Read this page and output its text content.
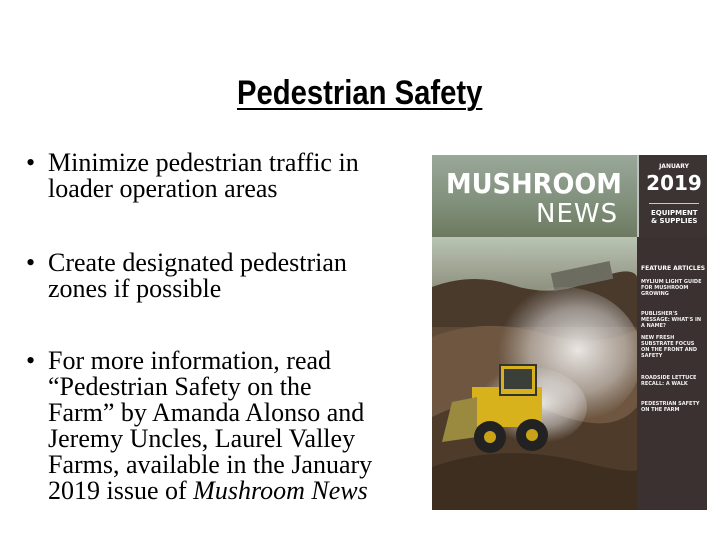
Pedestrian Safety
• Minimize pedestrian traffic in
loader operation areas
• Create designated pedestrian
zones if possible
• For more information, read
“Pedestrian Safety on the
Farm” by Amanda Alonso and
Jeremy Uncles, Laurel Valley
Farms, available in the January
2019 issue of Mushroom News
MUSHROOM
NEWS
JANUARY
2019
EQUIPMENT
& SUPPLIES
FEATURE ARTICLES
MYLIUM LIGHT GUIDE FOR MUSHROOM GROWING
PUBLISHER'S MESSAGE: WHAT'S IN A NAME?
NEW FRESH SUBSTRATE FOCUS ON THE FRONT AND SAFETY
ROADSIDE LETTUCE RECALL: A WALK
PEDESTRIAN SAFETY ON THE FARM
